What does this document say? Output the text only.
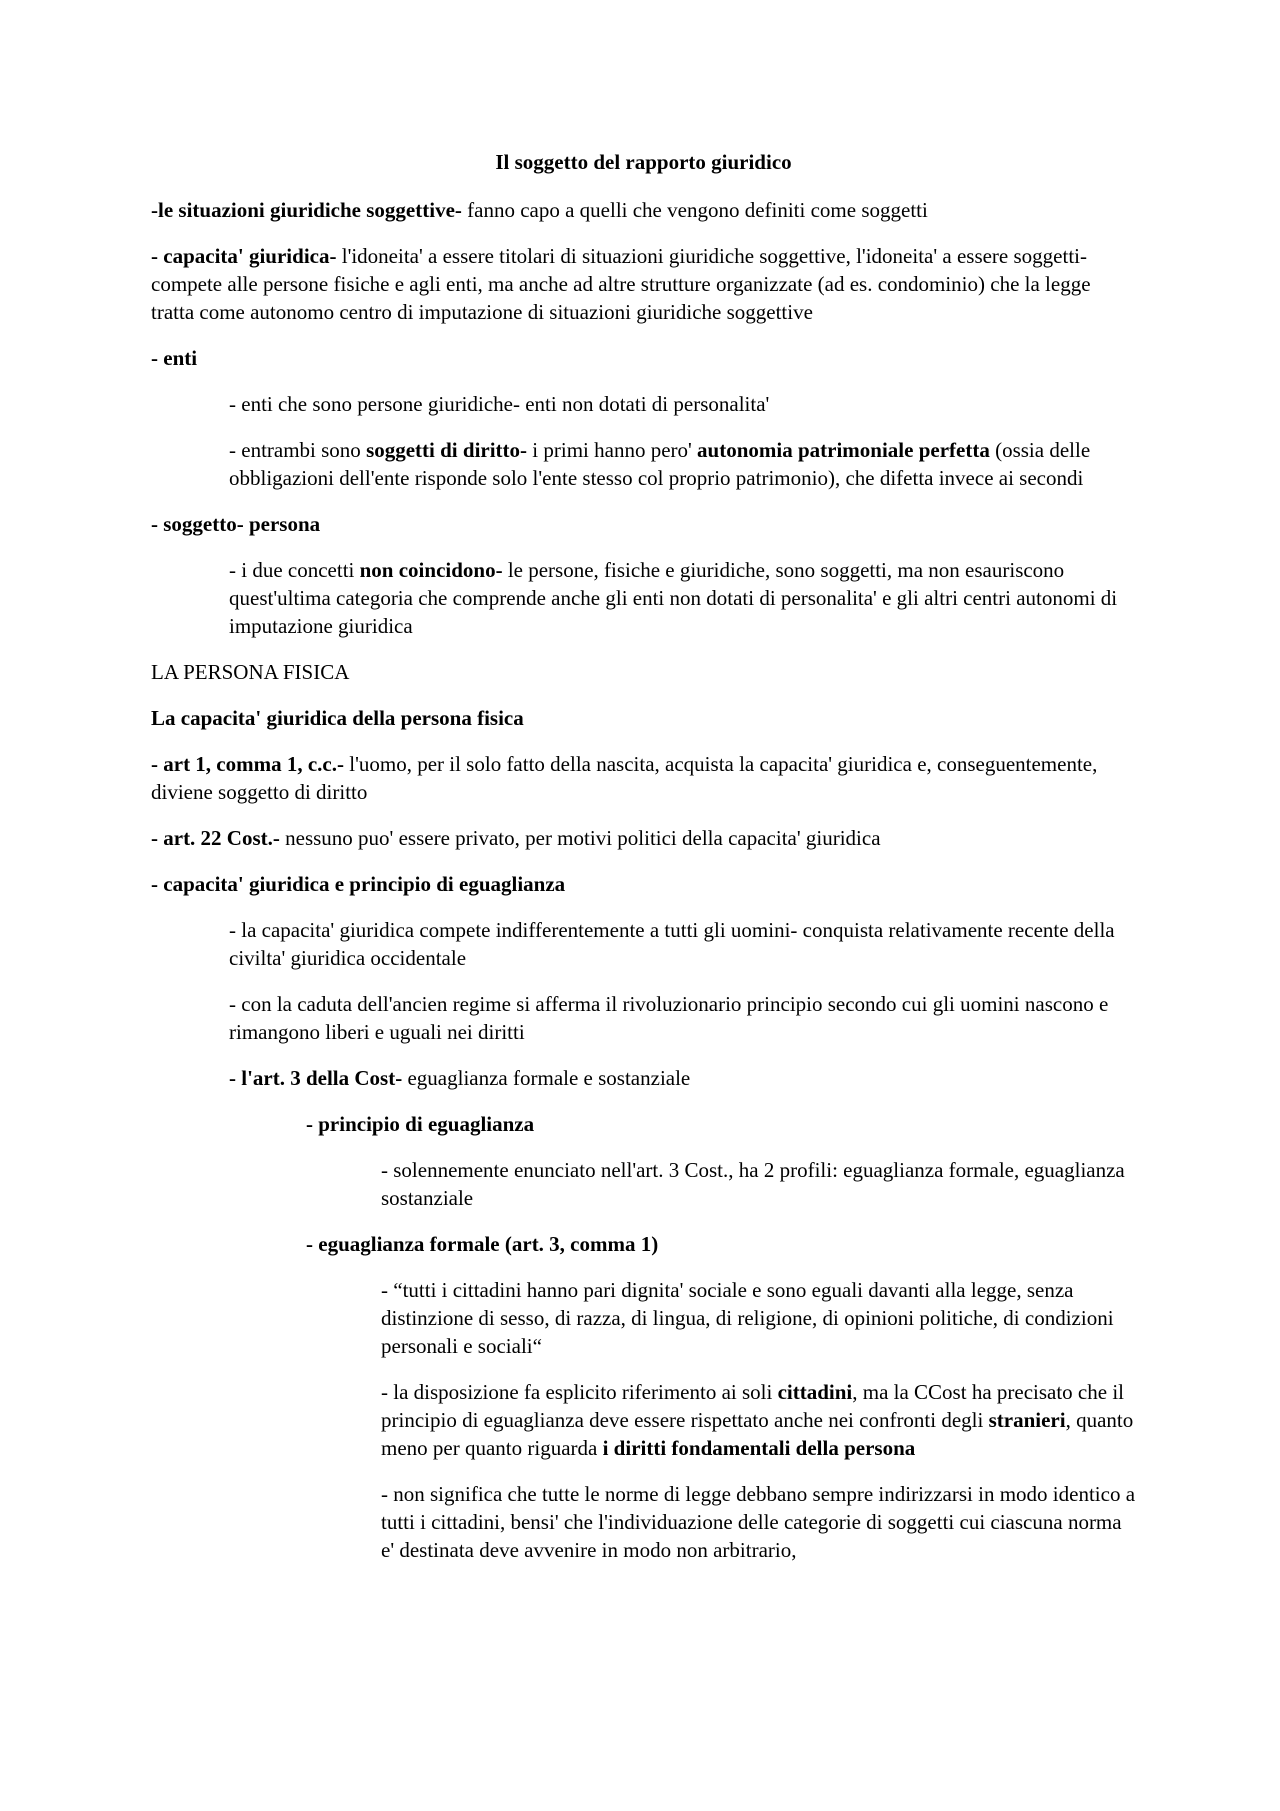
Il soggetto del rapporto giuridico

-le situazioni giuridiche soggettive- fanno capo a quelli che vengono definiti come soggetti

- capacita' giuridica- l'idoneita' a essere titolari di situazioni giuridiche soggettive, l'idoneita' a essere soggetti- compete alle persone fisiche e agli enti, ma anche ad altre strutture organizzate (ad es. condominio) che la legge tratta come autonomo centro di imputazione di situazioni giuridiche soggettive

- enti

- enti che sono persone giuridiche- enti non dotati di personalita'

- entrambi sono soggetti di diritto- i primi hanno pero' autonomia patrimoniale perfetta (ossia delle obbligazioni dell'ente risponde solo l'ente stesso col proprio patrimonio), che difetta invece ai secondi

- soggetto- persona

- i due concetti non coincidono- le persone, fisiche e giuridiche, sono soggetti, ma non esauriscono quest'ultima categoria che comprende anche gli enti non dotati di personalita' e gli altri centri autonomi di imputazione giuridica

LA PERSONA FISICA

La capacita' giuridica della persona fisica

- art 1, comma 1, c.c.- l'uomo, per il solo fatto della nascita, acquista la capacita' giuridica e, conseguentemente, diviene soggetto di diritto

- art. 22 Cost.- nessuno puo' essere privato, per motivi politici della capacita' giuridica

- capacita' giuridica e principio di eguaglianza

- la capacita' giuridica compete indifferentemente a tutti gli uomini- conquista relativamente recente della civilta' giuridica occidentale

- con la caduta dell'ancien regime si afferma il rivoluzionario principio secondo cui gli uomini nascono e rimangono liberi e uguali nei diritti

- l'art. 3 della Cost- eguaglianza formale e sostanziale

- principio di eguaglianza

- solennemente enunciato nell'art. 3 Cost., ha 2 profili: eguaglianza formale, eguaglianza sostanziale

- eguaglianza formale (art. 3, comma 1)

- “tutti i cittadini hanno pari dignita' sociale e sono eguali davanti alla legge, senza distinzione di sesso, di razza, di lingua, di religione, di opinioni politiche, di condizioni personali e sociali“

- la disposizione fa esplicito riferimento ai soli cittadini, ma la CCost ha precisato che il principio di eguaglianza deve essere rispettato anche nei confronti degli stranieri, quanto meno per quanto riguarda i diritti fondamentali della persona

- non significa che tutte le norme di legge debbano sempre indirizzarsi in modo identico a tutti i cittadini, bensi' che l'individuazione delle categorie di soggetti cui ciascuna norma e' destinata deve avvenire in modo non arbitrario,
